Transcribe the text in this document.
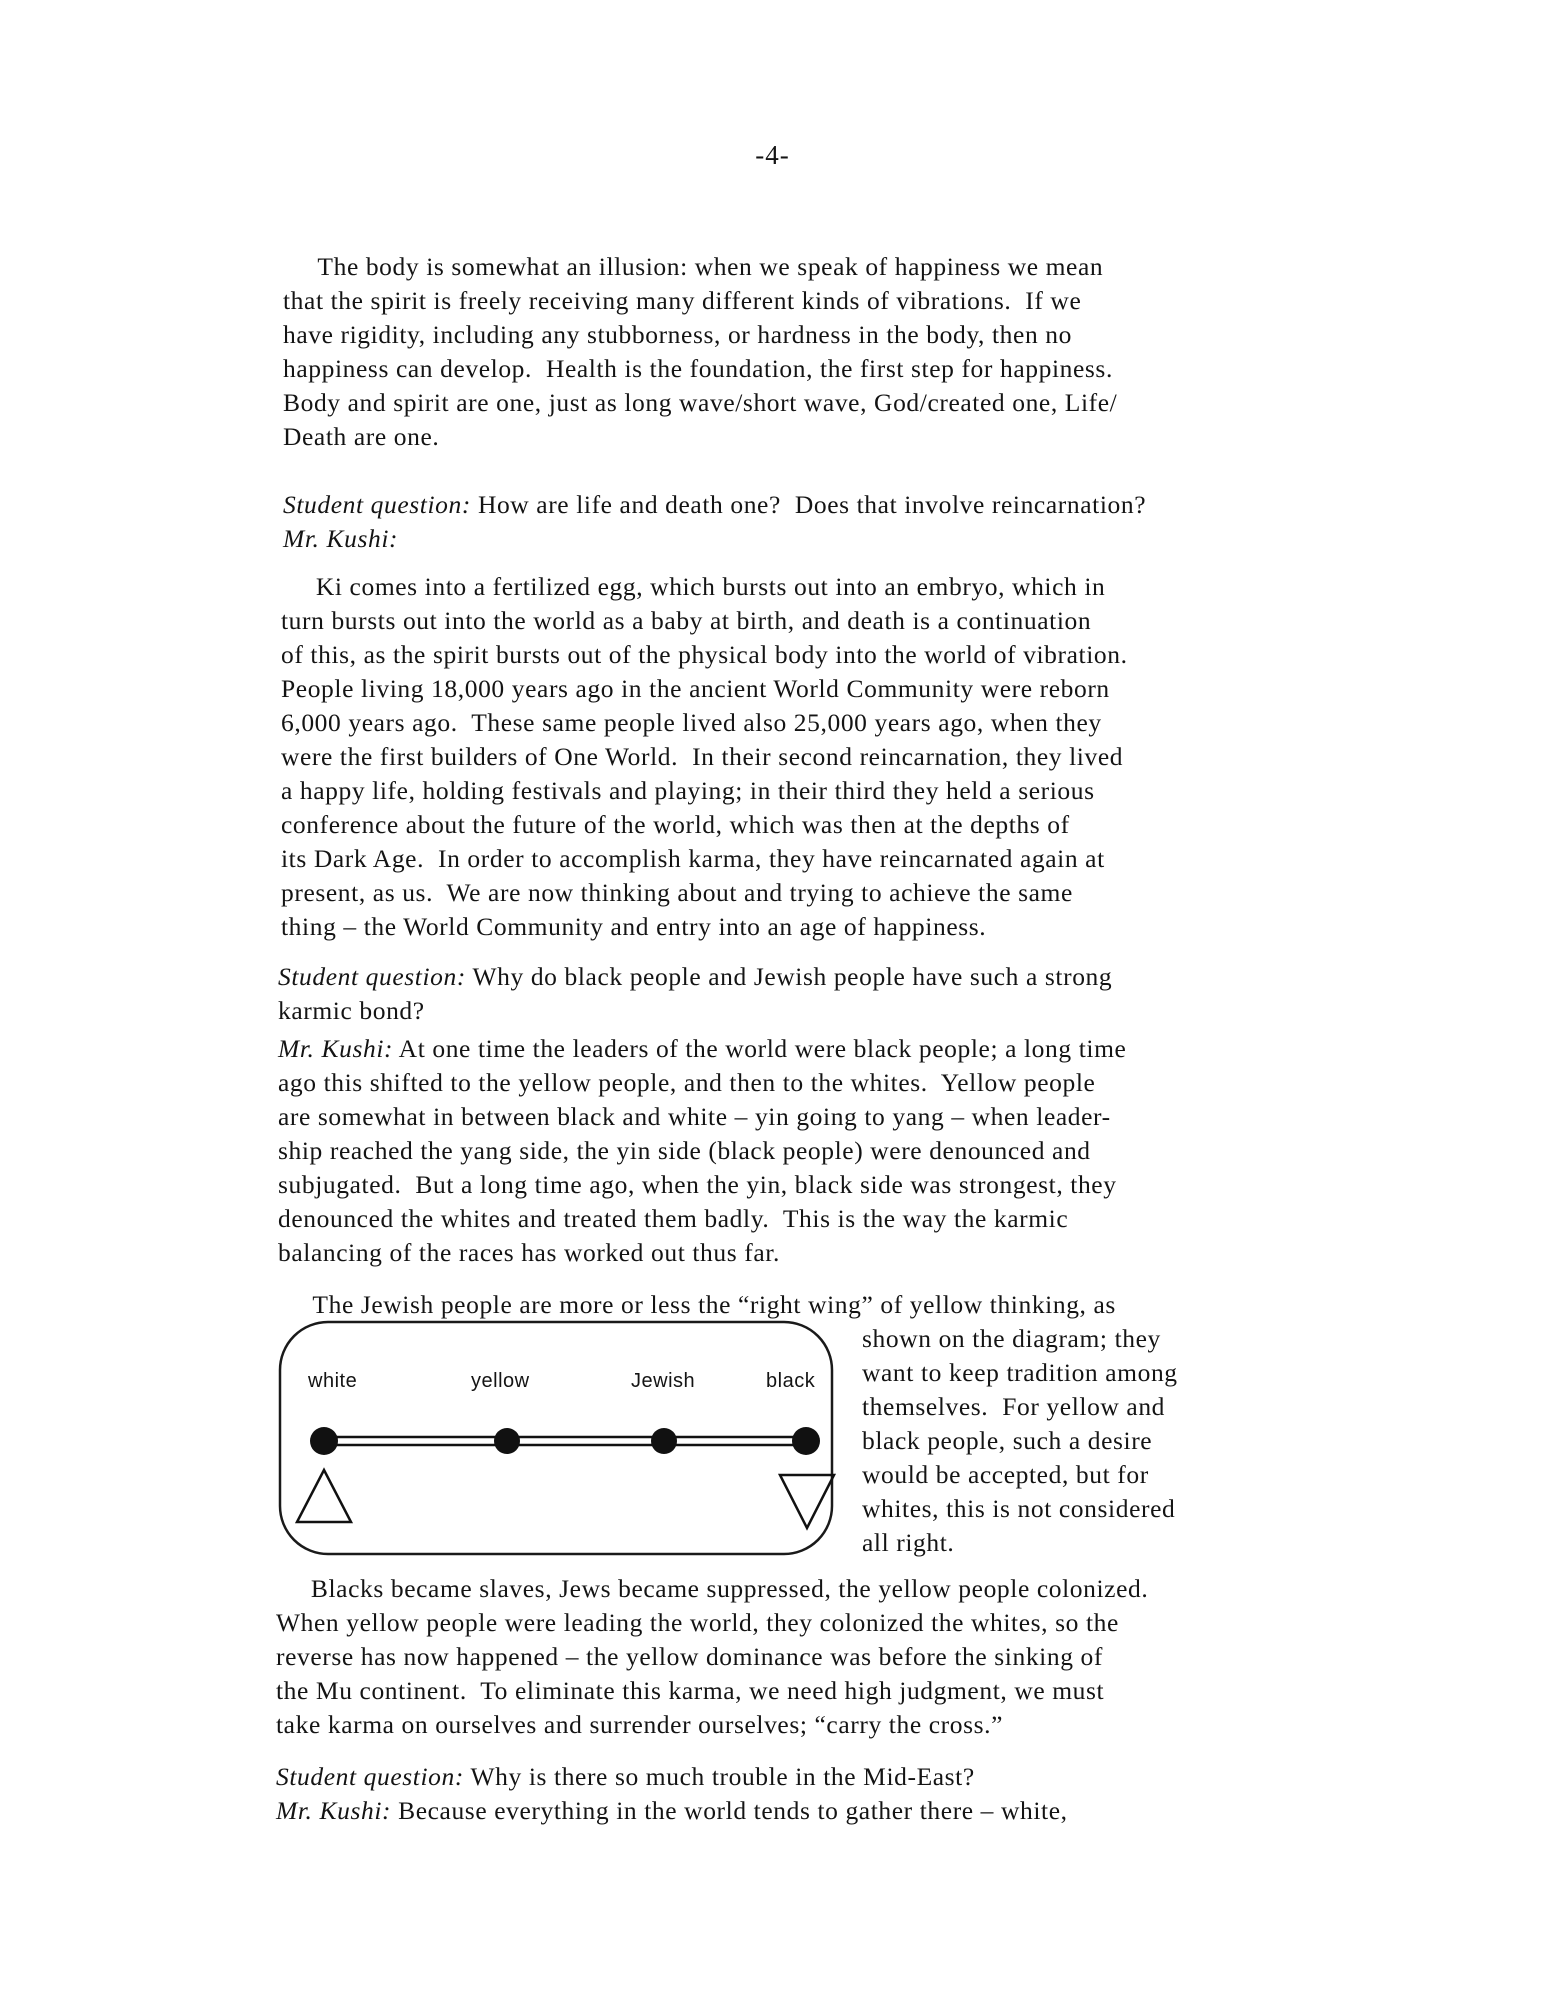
-4-

The body is somewhat an illusion: when we speak of happiness we mean

that the spirit is freely receiving many different kinds of vibrations.  If we

have rigidity, including any stubborness, or hardness in the body, then no

happiness can develop.  Health is the foundation, the first step for happiness.

Body and spirit are one, just as long wave/short wave, God/created one, Life/

Death are one.

Student question: How are life and death one?  Does that involve reincarnation?

Mr. Kushi:

Ki comes into a fertilized egg, which bursts out into an embryo, which in

turn bursts out into the world as a baby at birth, and death is a continuation

of this, as the spirit bursts out of the physical body into the world of vibration.

People living 18,000 years ago in the ancient World Community were reborn

6,000 years ago.  These same people lived also 25,000 years ago, when they

were the first builders of One World.  In their second reincarnation, they lived

a happy life, holding festivals and playing; in their third they held a serious

conference about the future of the world, which was then at the depths of

its Dark Age.  In order to accomplish karma, they have reincarnated again at

present, as us.  We are now thinking about and trying to achieve the same

thing – the World Community and entry into an age of happiness.

Student question: Why do black people and Jewish people have such a strong

karmic bond?

Mr. Kushi: At one time the leaders of the world were black people; a long time

ago this shifted to the yellow people, and then to the whites.  Yellow people

are somewhat in between black and white – yin going to yang – when leader-

ship reached the yang side, the yin side (black people) were denounced and

subjugated.  But a long time ago, when the yin, black side was strongest, they

denounced the whites and treated them badly.  This is the way the karmic

balancing of the races has worked out thus far.

The Jewish people are more or less the “right wing” of yellow thinking, as

shown on the diagram; they

want to keep tradition among

themselves.  For yellow and

black people, such a desire

would be accepted, but for

whites, this is not considered

all right.

white	yellow	Jewish	black

Blacks became slaves, Jews became suppressed, the yellow people colonized.

When yellow people were leading the world, they colonized the whites, so the

reverse has now happened – the yellow dominance was before the sinking of

the Mu continent.  To eliminate this karma, we need high judgment, we must

take karma on ourselves and surrender ourselves; “carry the cross.”

Student question: Why is there so much trouble in the Mid-East?

Mr. Kushi: Because everything in the world tends to gather there – white,
